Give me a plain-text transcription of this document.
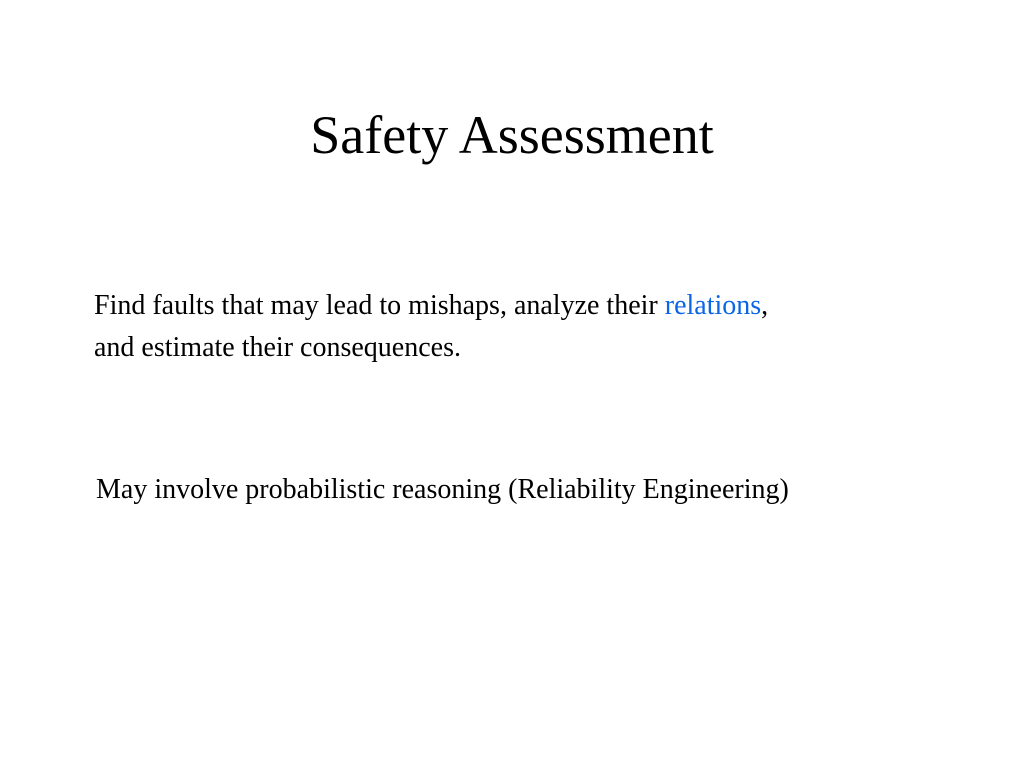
Safety Assessment

Find faults that may lead to mishaps, analyze their relations,
and estimate their consequences.

May involve probabilistic reasoning (Reliability Engineering)
